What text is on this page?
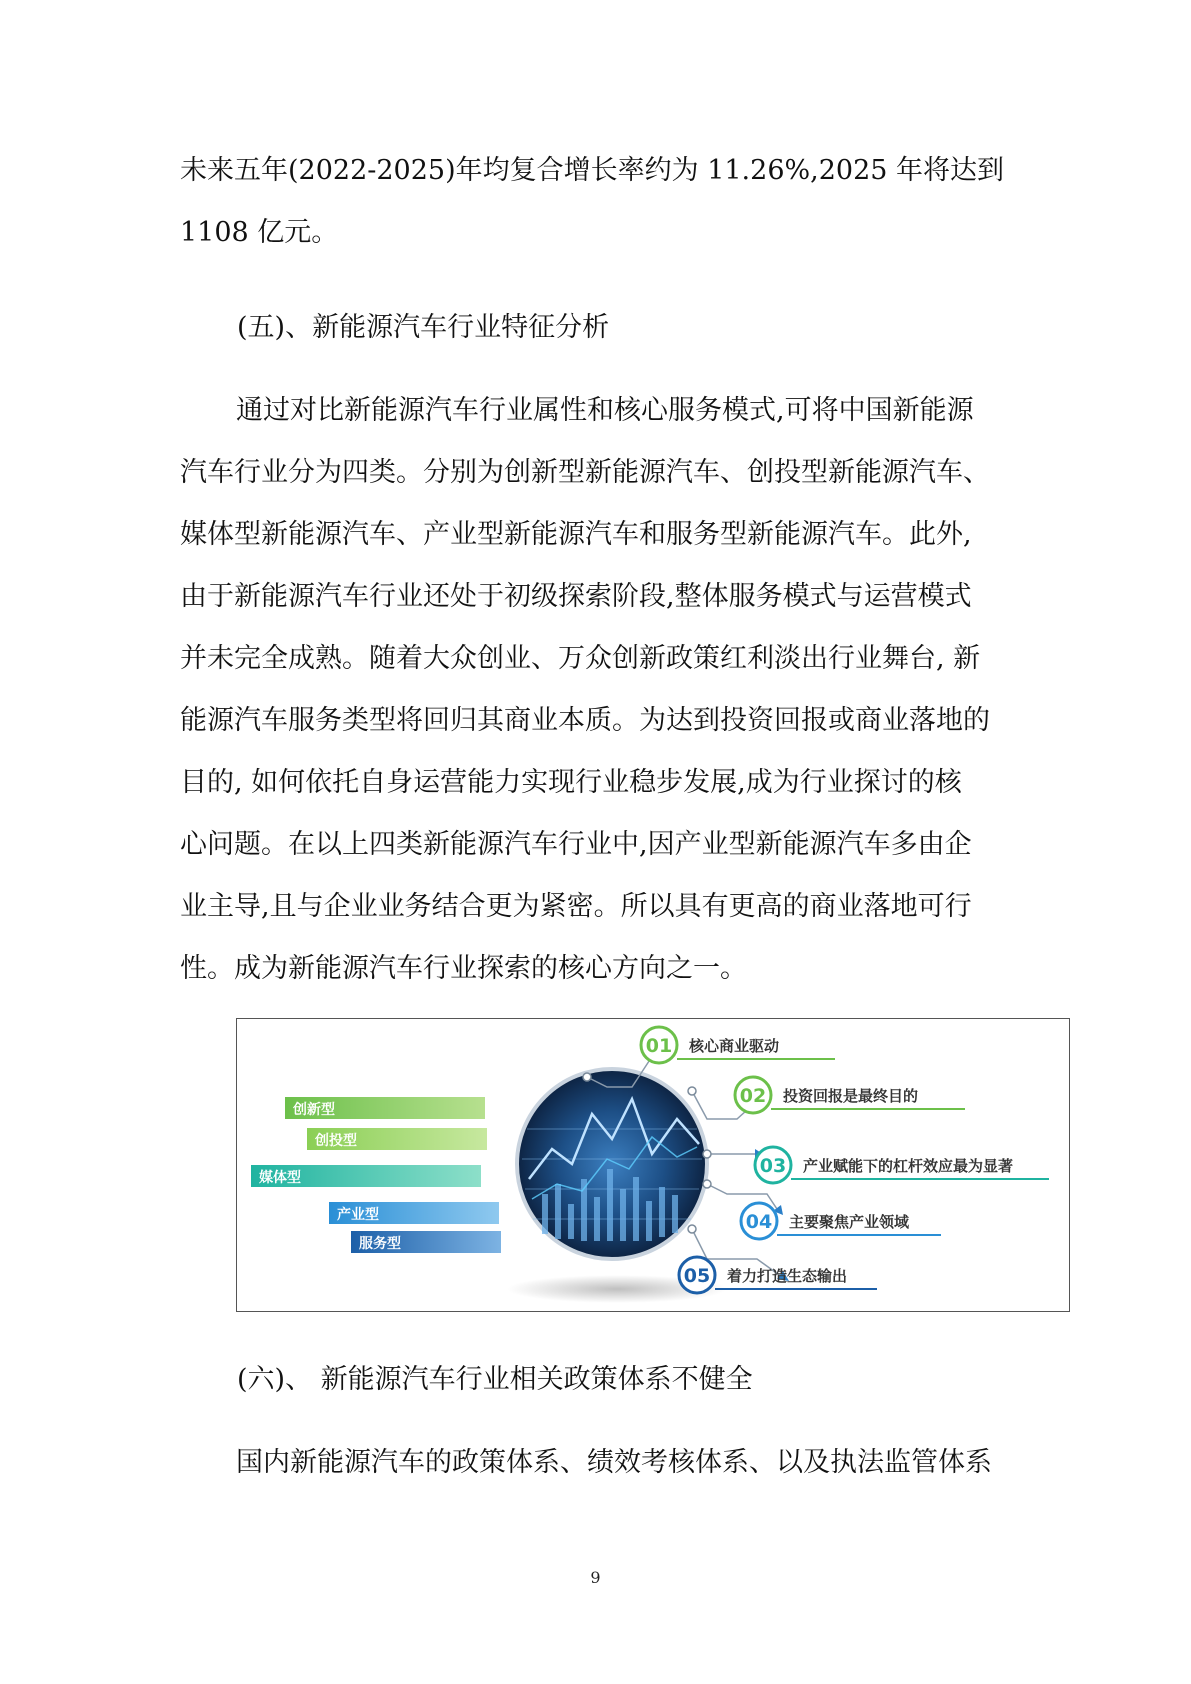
未来五年(2022-2025)年均复合增长率约为 11.26%,2025 年将达到
1108 亿元。
(五)、新能源汽车行业特征分析
通过对比新能源汽车行业属性和核心服务模式,可将中国新能源
汽车行业分为四类。分别为创新型新能源汽车、创投型新能源汽车、
媒体型新能源汽车、产业型新能源汽车和服务型新能源汽车。此外,
由于新能源汽车行业还处于初级探索阶段,整体服务模式与运营模式
并未完全成熟。随着大众创业、万众创新政策红利淡出行业舞台, 新
能源汽车服务类型将回归其商业本质。为达到投资回报或商业落地的
目的, 如何依托自身运营能力实现行业稳步发展,成为行业探讨的核
心问题。在以上四类新能源汽车行业中,因产业型新能源汽车多由企
业主导,且与企业业务结合更为紧密。所以具有更高的商业落地可行
性。成为新能源汽车行业探索的核心方向之一。
创新型
创投型
媒体型
产业型
服务型
01 核心商业驱动
02 投资回报是最终目的
03 产业赋能下的杠杆效应最为显著
04 主要聚焦产业领域
05 着力打造生态输出
(六)、 新能源汽车行业相关政策体系不健全
国内新能源汽车的政策体系、绩效考核体系、以及执法监管体系
9
